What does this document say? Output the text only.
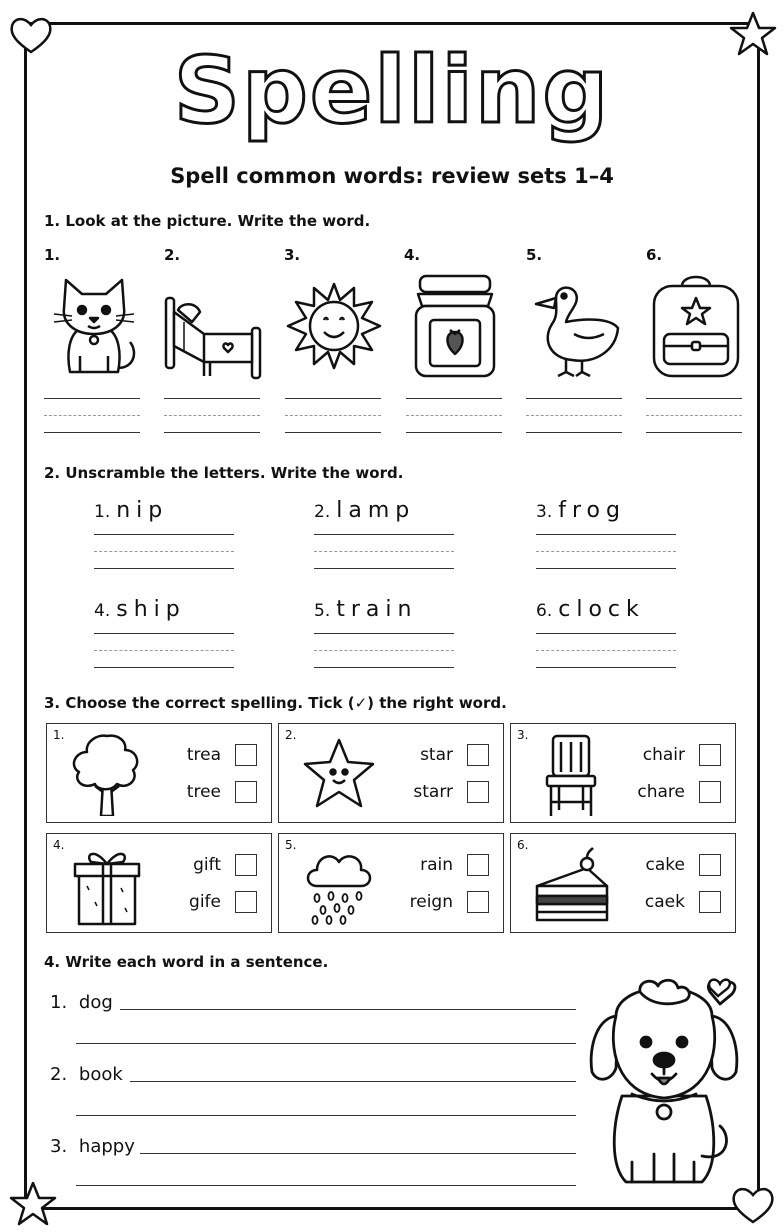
Spelling
Spell common words: review sets 1–4
1. Look at the picture. Write the word.
1.	2.	3.	4.	5.	6.
2. Unscramble the letters. Write the word.
1. nip	2. lamp	3. frog
4. ship	5. train	6. clock
3. Choose the correct spelling. Tick (✓) the right word.
1.
trea
tree
2.
star
starr
3.
chair
chare
4.
gift
gife
5.
rain
reign
6.
cake
caek
4. Write each word in a sentence.
1. dog
2. book
3. happy
